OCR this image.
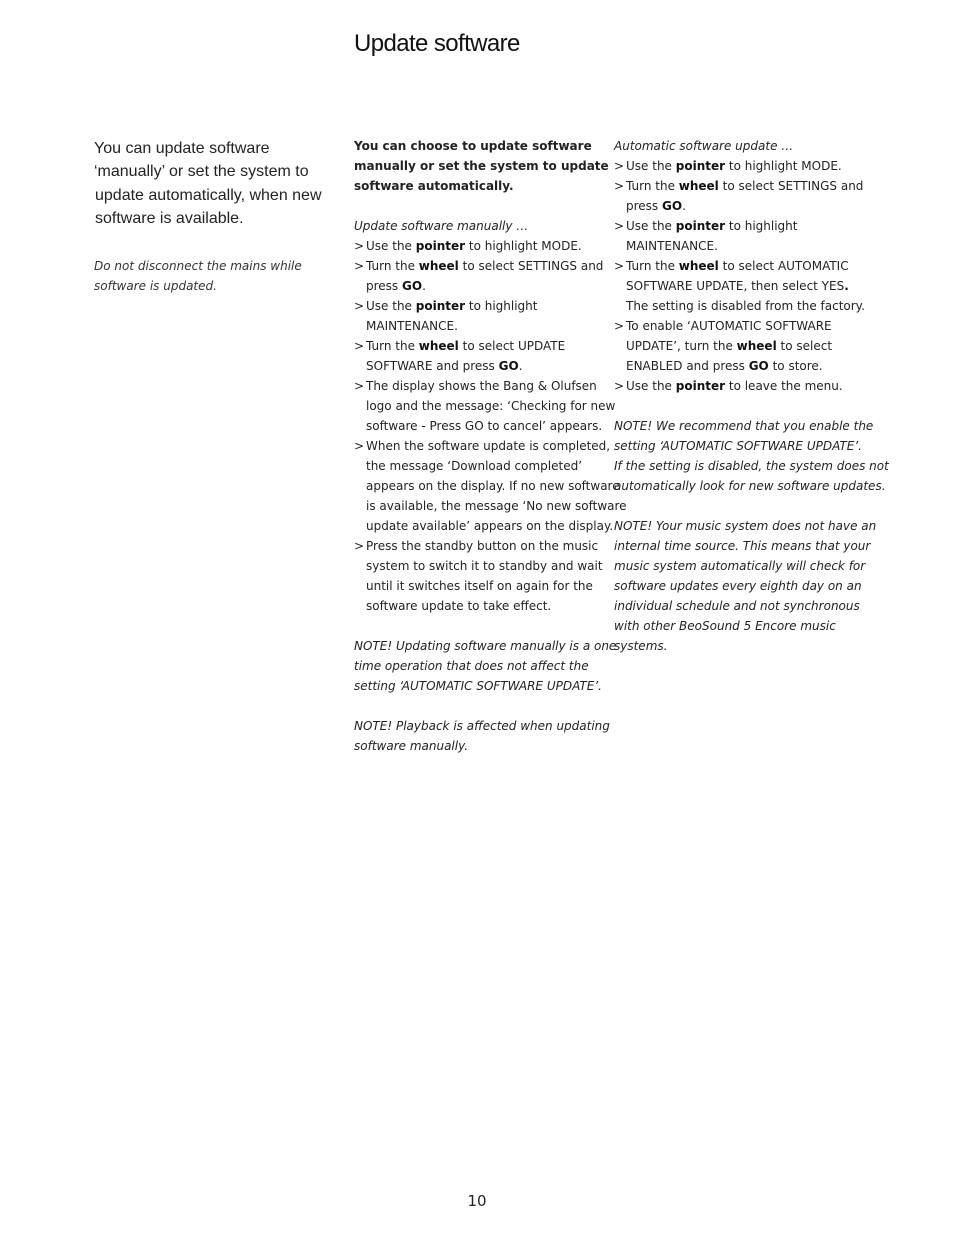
Update software

You can update software
‘manually’ or set the system to
update automatically, when new
software is available.

Do not disconnect the mains while
software is updated.

You can choose to update software
manually or set the system to update
software automatically.
Update software manually …
> Use the pointer to highlight MODE.
> Turn the wheel to select SETTINGS and
press GO.
> Use the pointer to highlight
MAINTENANCE.
> Turn the wheel to select UPDATE
SOFTWARE and press GO.
> The display shows the Bang & Olufsen
logo and the message: ‘Checking for new
software - Press GO to cancel’ appears.
> When the software update is completed,
the message ‘Download completed’
appears on the display. If no new software
is available, the message ‘No new software
update available’ appears on the display.
> Press the standby button on the music
system to switch it to standby and wait
until it switches itself on again for the
software update to take effect.
NOTE! Updating software manually is a one
time operation that does not affect the
setting ‘AUTOMATIC SOFTWARE UPDATE’.
NOTE! Playback is affected when updating
software manually.
Automatic software update …
> Use the pointer to highlight MODE.
> Turn the wheel to select SETTINGS and
press GO.
> Use the pointer to highlight
MAINTENANCE.
> Turn the wheel to select AUTOMATIC
SOFTWARE UPDATE, then select YES.
The setting is disabled from the factory.
> To enable ‘AUTOMATIC SOFTWARE
UPDATE’, turn the wheel to select
ENABLED and press GO to store.
> Use the pointer to leave the menu.
NOTE! We recommend that you enable the
setting ‘AUTOMATIC SOFTWARE UPDATE’.
If the setting is disabled, the system does not
automatically look for new software updates.
NOTE! Your music system does not have an
internal time source. This means that your
music system automatically will check for
software updates every eighth day on an
individual schedule and not synchronous
with other BeoSound 5 Encore music
systems.
10
